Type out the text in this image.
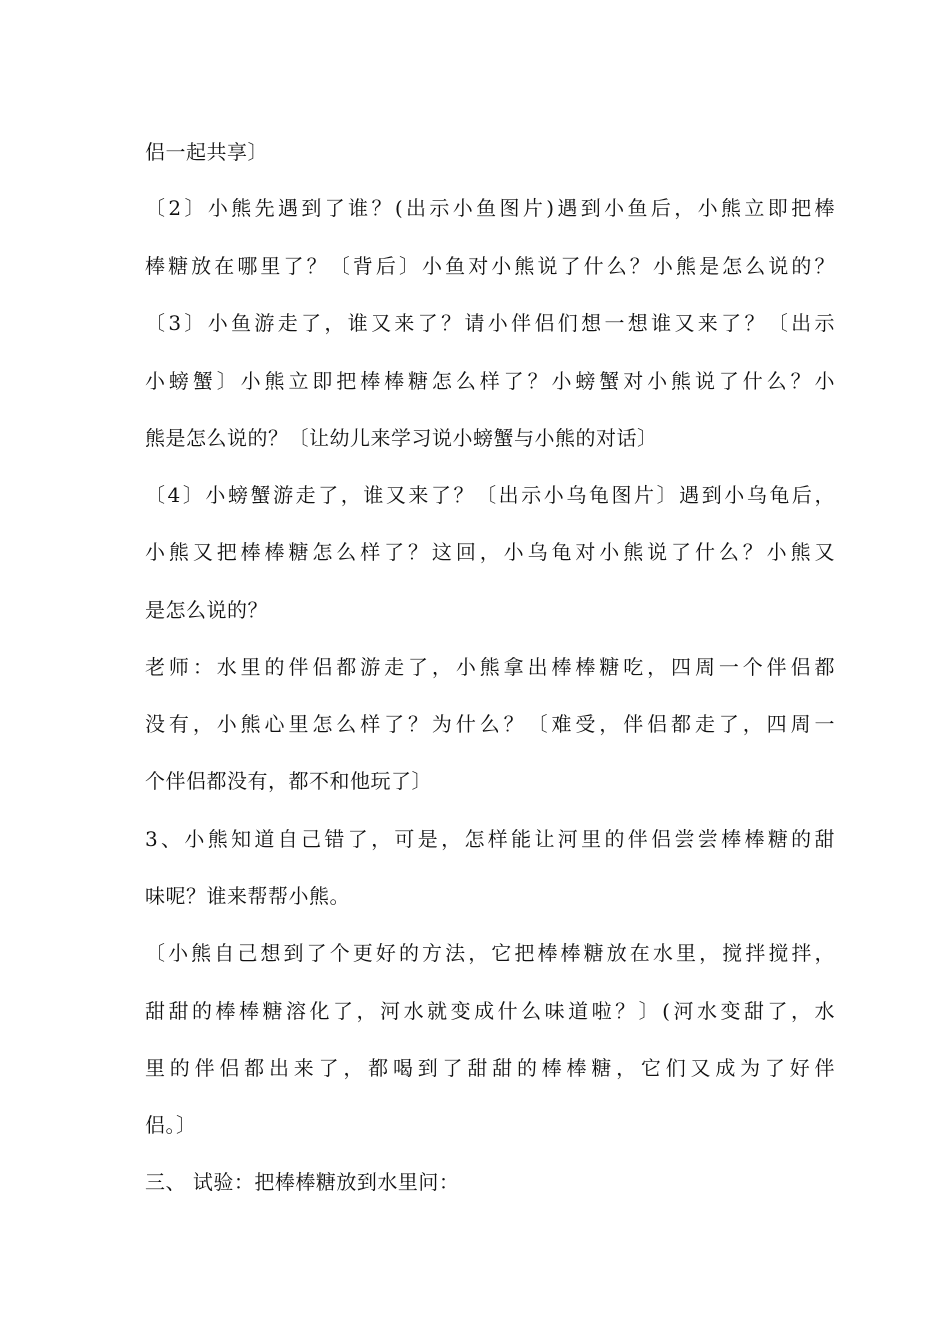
侣一起共享〕
〔2〕小熊先遇到了谁？(出示小鱼图片)遇到小鱼后，小熊立即把棒
棒糖放在哪里了？〔背后〕小鱼对小熊说了什么？小熊是怎么说的？
〔3〕小鱼游走了，谁又来了？请小伴侣们想一想谁又来了？〔出示
小螃蟹〕小熊立即把棒棒糖怎么样了？小螃蟹对小熊说了什么？小
熊是怎么说的？〔让幼儿来学习说小螃蟹与小熊的对话〕
〔4〕小螃蟹游走了，谁又来了？〔出示小乌龟图片〕遇到小乌龟后，
小熊又把棒棒糖怎么样了？这回，小乌龟对小熊说了什么？小熊又
是怎么说的？
老师：水里的伴侣都游走了，小熊拿出棒棒糖吃，四周一个伴侣都
没有，小熊心里怎么样了？为什么？〔难受，伴侣都走了，四周一
个伴侣都没有，都不和他玩了〕
3、小熊知道自己错了，可是，怎样能让河里的伴侣尝尝棒棒糖的甜
味呢？谁来帮帮小熊。
〔小熊自己想到了个更好的方法，它把棒棒糖放在水里，搅拌搅拌，
甜甜的棒棒糖溶化了，河水就变成什么味道啦？〕(河水变甜了，水
里的伴侣都出来了，都喝到了甜甜的棒棒糖，它们又成为了好伴
侣。〕
三、 试验：把棒棒糖放到水里问：
